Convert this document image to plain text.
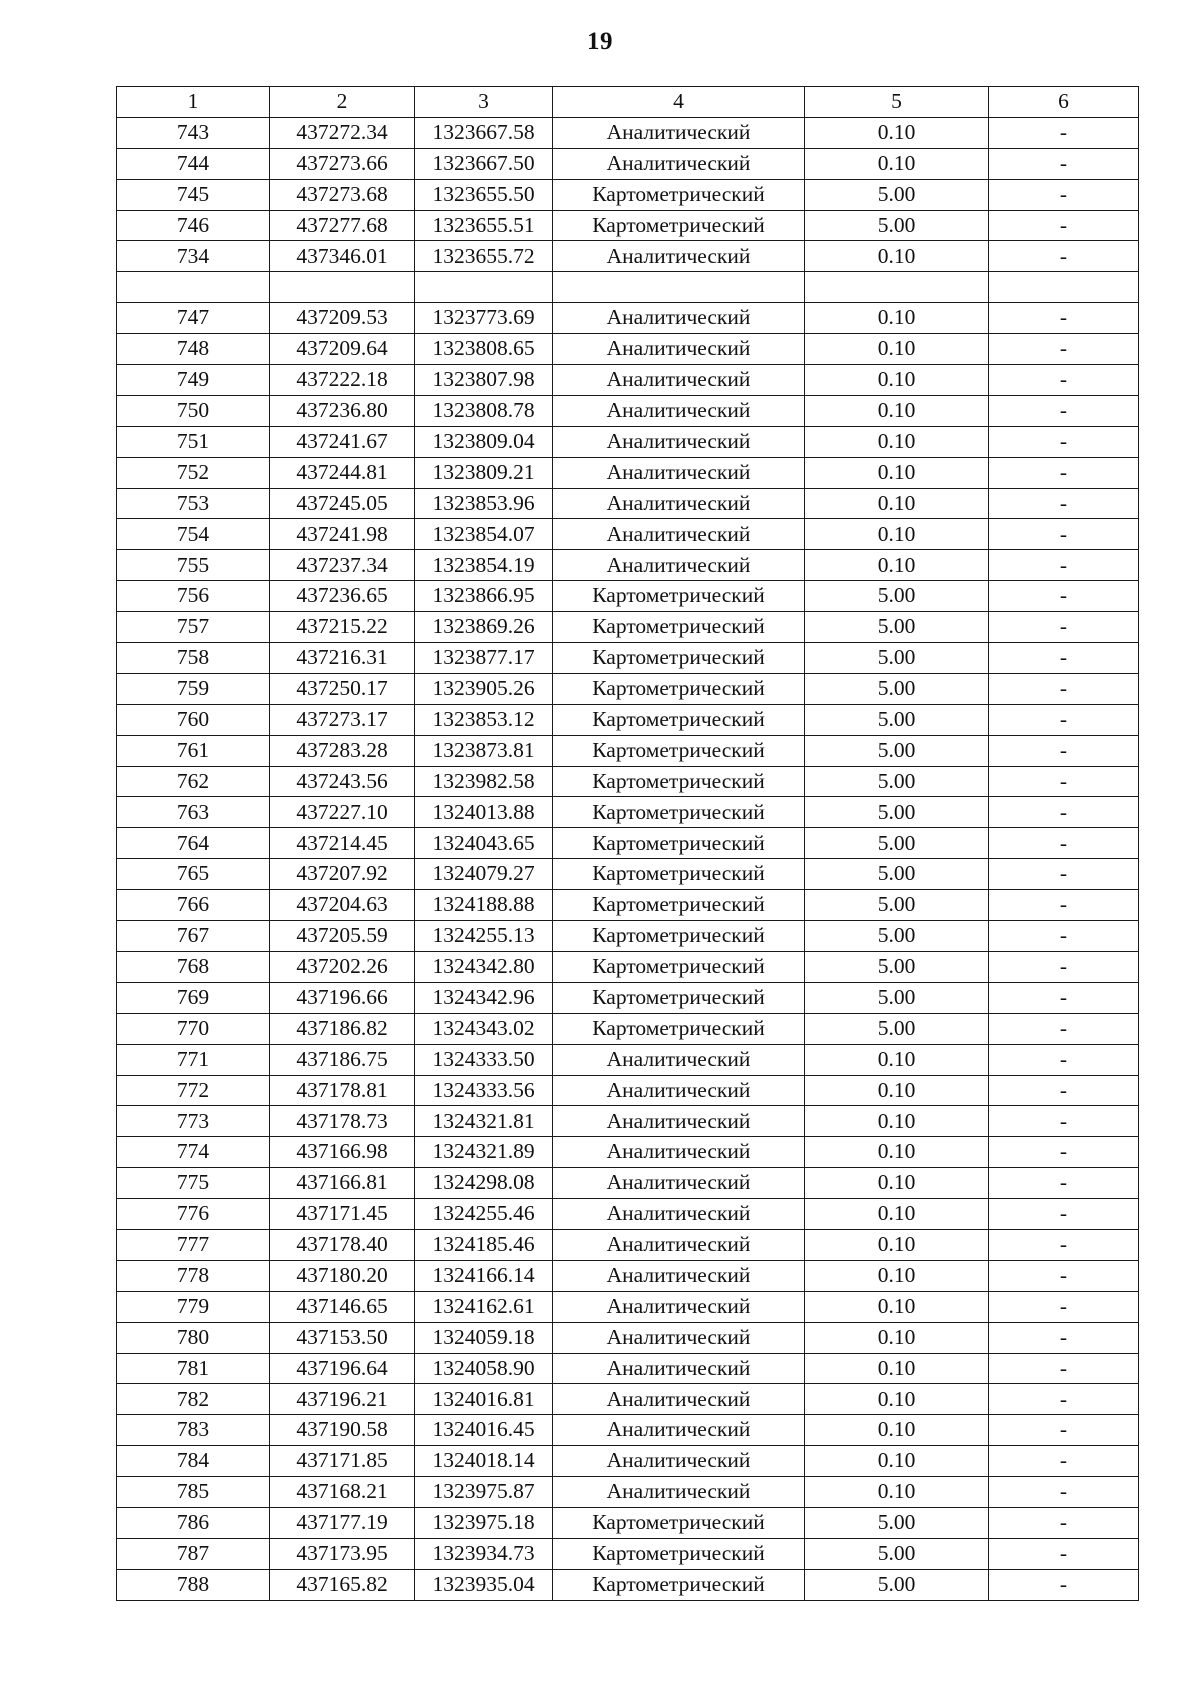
19
1	2	3	4	5	6
743	437272.34	1323667.58	Аналитический	0.10	-
744	437273.66	1323667.50	Аналитический	0.10	-
745	437273.68	1323655.50	Картометрический	5.00	-
746	437277.68	1323655.51	Картометрический	5.00	-
734	437346.01	1323655.72	Аналитический	0.10	-

747	437209.53	1323773.69	Аналитический	0.10	-
748	437209.64	1323808.65	Аналитический	0.10	-
749	437222.18	1323807.98	Аналитический	0.10	-
750	437236.80	1323808.78	Аналитический	0.10	-
751	437241.67	1323809.04	Аналитический	0.10	-
752	437244.81	1323809.21	Аналитический	0.10	-
753	437245.05	1323853.96	Аналитический	0.10	-
754	437241.98	1323854.07	Аналитический	0.10	-
755	437237.34	1323854.19	Аналитический	0.10	-
756	437236.65	1323866.95	Картометрический	5.00	-
757	437215.22	1323869.26	Картометрический	5.00	-
758	437216.31	1323877.17	Картометрический	5.00	-
759	437250.17	1323905.26	Картометрический	5.00	-
760	437273.17	1323853.12	Картометрический	5.00	-
761	437283.28	1323873.81	Картометрический	5.00	-
762	437243.56	1323982.58	Картометрический	5.00	-
763	437227.10	1324013.88	Картометрический	5.00	-
764	437214.45	1324043.65	Картометрический	5.00	-
765	437207.92	1324079.27	Картометрический	5.00	-
766	437204.63	1324188.88	Картометрический	5.00	-
767	437205.59	1324255.13	Картометрический	5.00	-
768	437202.26	1324342.80	Картометрический	5.00	-
769	437196.66	1324342.96	Картометрический	5.00	-
770	437186.82	1324343.02	Картометрический	5.00	-
771	437186.75	1324333.50	Аналитический	0.10	-
772	437178.81	1324333.56	Аналитический	0.10	-
773	437178.73	1324321.81	Аналитический	0.10	-
774	437166.98	1324321.89	Аналитический	0.10	-
775	437166.81	1324298.08	Аналитический	0.10	-
776	437171.45	1324255.46	Аналитический	0.10	-
777	437178.40	1324185.46	Аналитический	0.10	-
778	437180.20	1324166.14	Аналитический	0.10	-
779	437146.65	1324162.61	Аналитический	0.10	-
780	437153.50	1324059.18	Аналитический	0.10	-
781	437196.64	1324058.90	Аналитический	0.10	-
782	437196.21	1324016.81	Аналитический	0.10	-
783	437190.58	1324016.45	Аналитический	0.10	-
784	437171.85	1324018.14	Аналитический	0.10	-
785	437168.21	1323975.87	Аналитический	0.10	-
786	437177.19	1323975.18	Картометрический	5.00	-
787	437173.95	1323934.73	Картометрический	5.00	-
788	437165.82	1323935.04	Картометрический	5.00	-
